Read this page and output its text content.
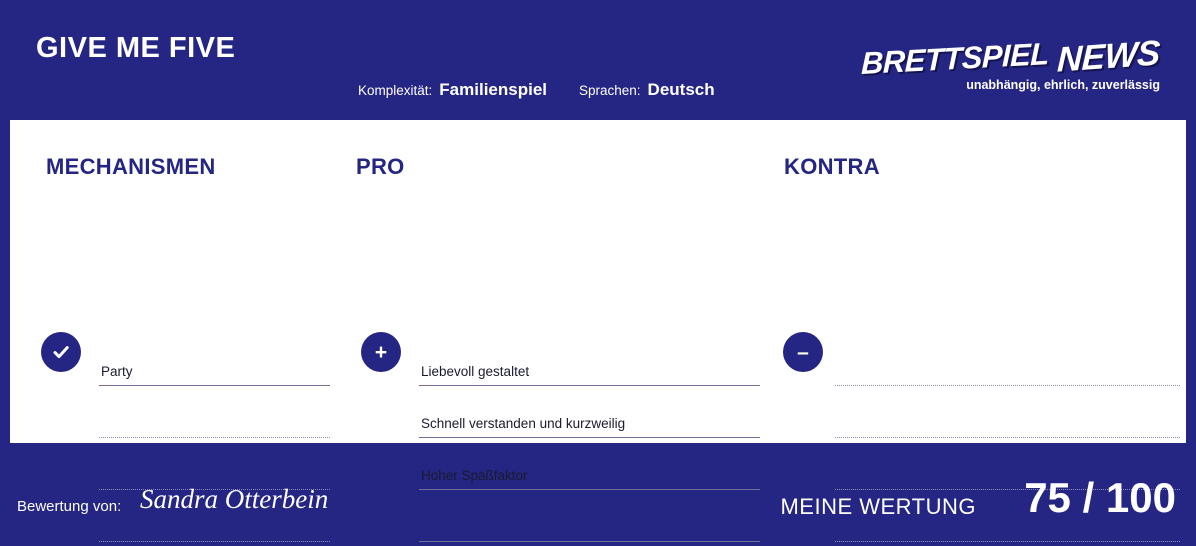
GIVE ME FIVE
Komplexität: Familienspiel Sprachen: Deutsch
BRETTSPIEL NEWS
unabhängig, ehrlich, zuverlässig
MECHANISMEN
Party
PRO
+
Liebevoll gestaltet
Schnell verstanden und kurzweilig
Hoher Spaßfaktor
KONTRA
–
Bewertung von: Sandra Otterbein	MEINE WERTUNG 75 / 100
